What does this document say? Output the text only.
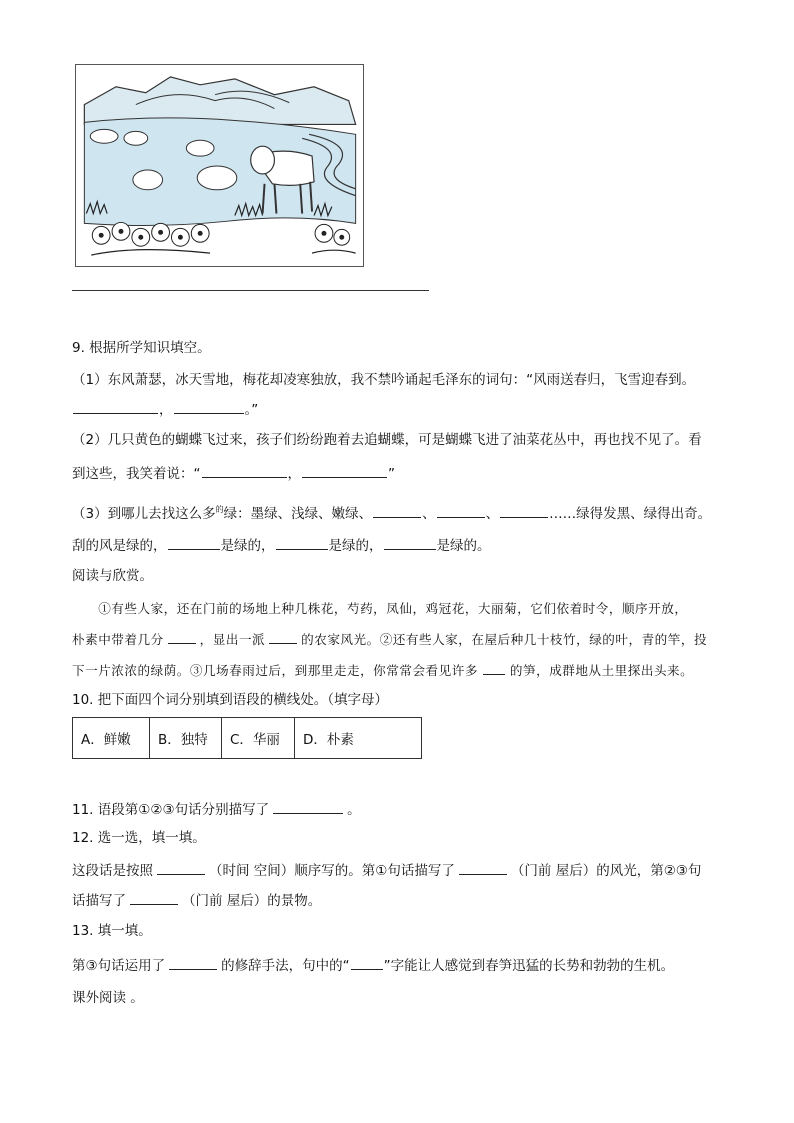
9. 根据所学知识填空。
（1）东风萧瑟，冰天雪地，梅花却凌寒独放，我不禁吟诵起毛泽东的词句：“风雨送春归，飞雪迎春到。
，	。”
（2）几只黄色的蝴蝶飞过来，孩子们纷纷跑着去追蝴蝶，可是蝴蝶飞进了油菜花丛中，再也找不见了。看
到这些，我笑着说：“	，	”
（3）到哪儿去找这么多$^的$绿：墨绿、浅绿、嫩绿、	、	、	……绿得发黑、绿得出奇。
刮的风是绿的，	是绿的，	是绿的，	是绿的。
阅读与欣赏。
　　①有些人家，还在门前的场地上种几株花，芍药，凤仙，鸡冠花，大丽菊，它们依着时令，顺序开放，
朴素中带着几分	，显出一派	的农家风光。②还有些人家，在屋后种几十枝竹，绿的叶，青的竿，投
下一片浓浓的绿荫。③几场春雨过后，到那里走走，你常常会看见许多	的笋，成群地从土里探出头来。
10. 把下面四个词分别填到语段的横线处。（填字母）
A．鲜嫩	B．独特	C．华丽	D．朴素
11. 语段第①②③句话分别描写了	。
12. 选一选，填一填。
这段话是按照	（时间 空间）顺序写的。第①句话描写了	（门前 屋后）的风光，第②③句
话描写了	（门前 屋后）的景物。
13. 填一填。
第③句话运用了	的修辞手法，句中的“	”字能让人感觉到春笋迅猛的长势和勃勃的生机。
课外阅读 。
